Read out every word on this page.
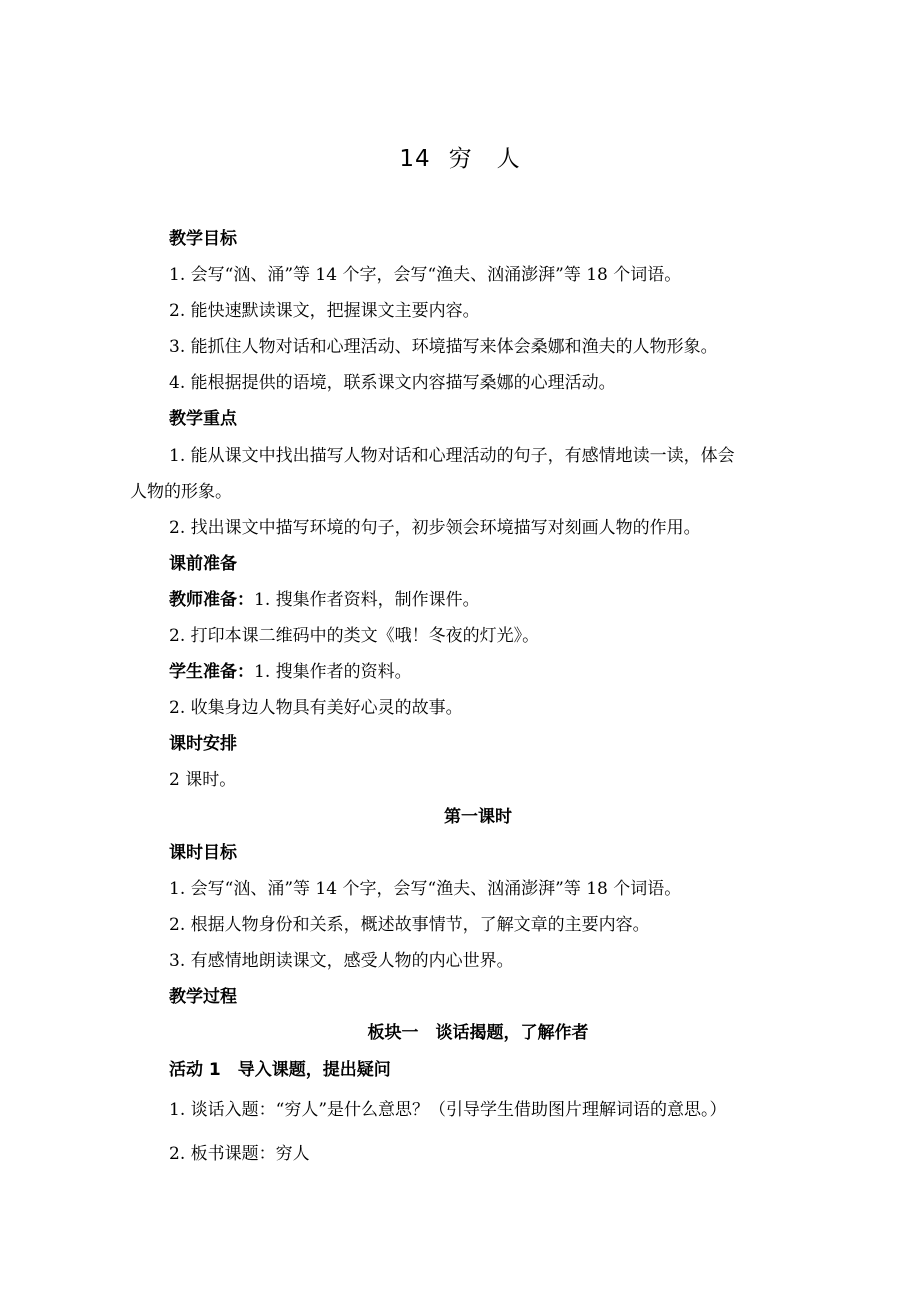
14 穷　人
教学目标
1. 会写“汹、涌”等 14 个字，会写“渔夫、汹涌澎湃”等 18 个词语。
2. 能快速默读课文，把握课文主要内容。
3. 能抓住人物对话和心理活动、环境描写来体会桑娜和渔夫的人物形象。
4. 能根据提供的语境，联系课文内容描写桑娜的心理活动。
教学重点
1. 能从课文中找出描写人物对话和心理活动的句子，有感情地读一读，体会
人物的形象。
2. 找出课文中描写环境的句子，初步领会环境描写对刻画人物的作用。
课前准备
教师准备：1. 搜集作者资料，制作课件。
2. 打印本课二维码中的类文《哦！冬夜的灯光》。
学生准备：1. 搜集作者的资料。
2. 收集身边人物具有美好心灵的故事。
课时安排
2 课时。
第一课时
课时目标
1. 会写“汹、涌”等 14 个字，会写“渔夫、汹涌澎湃”等 18 个词语。
2. 根据人物身份和关系，概述故事情节，了解文章的主要内容。
3. 有感情地朗读课文，感受人物的内心世界。
教学过程
板块一　谈话揭题，了解作者
活动 1　导入课题，提出疑问
1. 谈话入题：“穷人”是什么意思？（引导学生借助图片理解词语的意思。）
2. 板书课题：穷人
